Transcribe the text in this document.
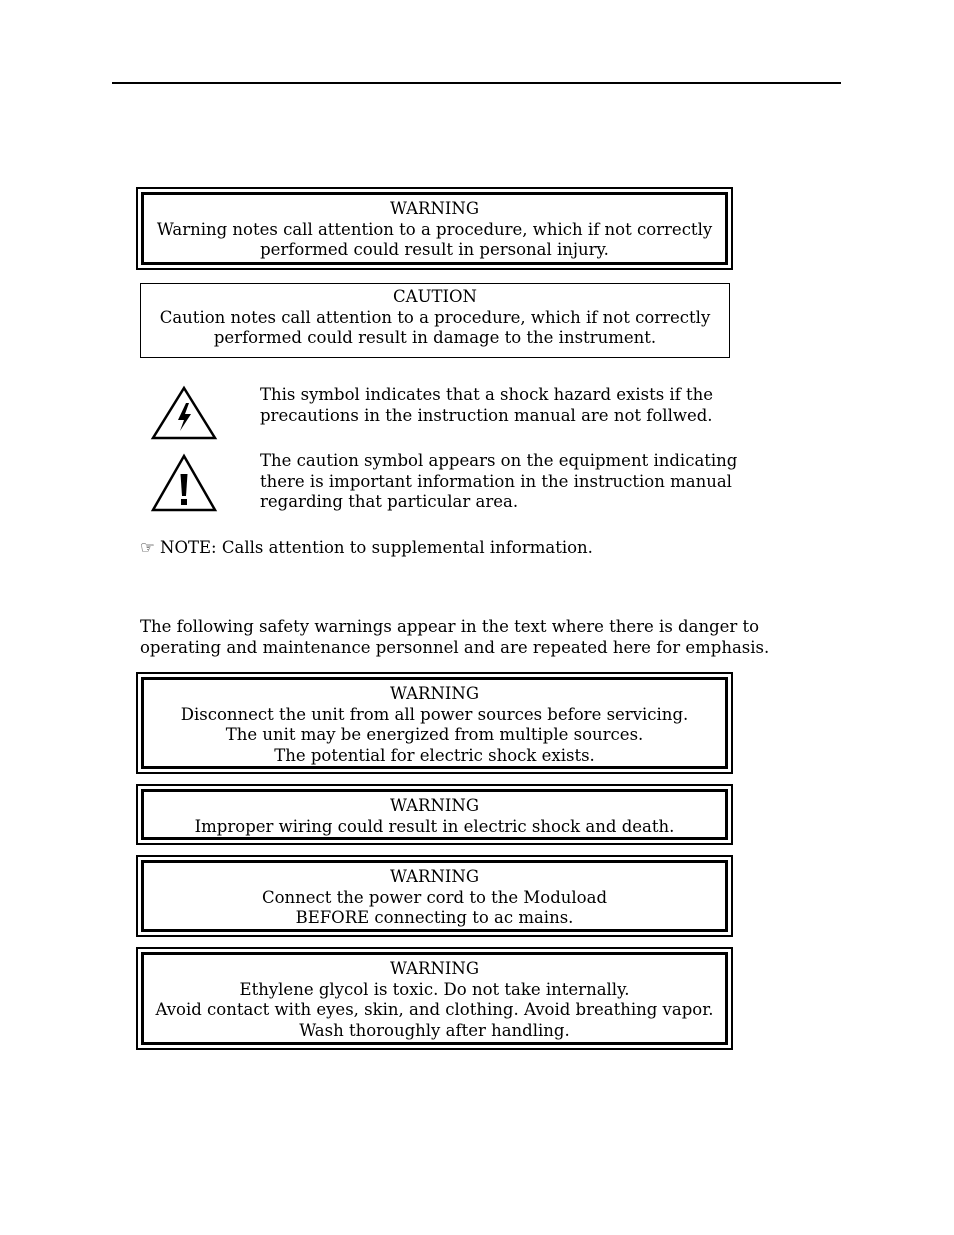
WARNING
Warning notes call attention to a procedure, which if not correctly
performed could result in personal injury.
CAUTION
Caution notes call attention to a procedure, which if not correctly
performed could result in damage to the instrument.
This symbol indicates that a shock hazard exists if the
precautions in the instruction manual are not follwed.
The caution symbol appears on the equipment indicating
there is important information in the instruction manual
regarding that particular area.
☞ NOTE: Calls attention to supplemental information.
The following safety warnings appear in the text where there is danger to
operating and maintenance personnel and are repeated here for emphasis.
WARNING
Disconnect the unit from all power sources before servicing.
The unit may be energized from multiple sources.
The potential for electric shock exists.
WARNING
Improper wiring could result in electric shock and death.
WARNING
Connect the power cord to the Moduload
BEFORE connecting to ac mains.
WARNING
Ethylene glycol is toxic. Do not take internally.
Avoid contact with eyes, skin, and clothing. Avoid breathing vapor.
Wash thoroughly after handling.
